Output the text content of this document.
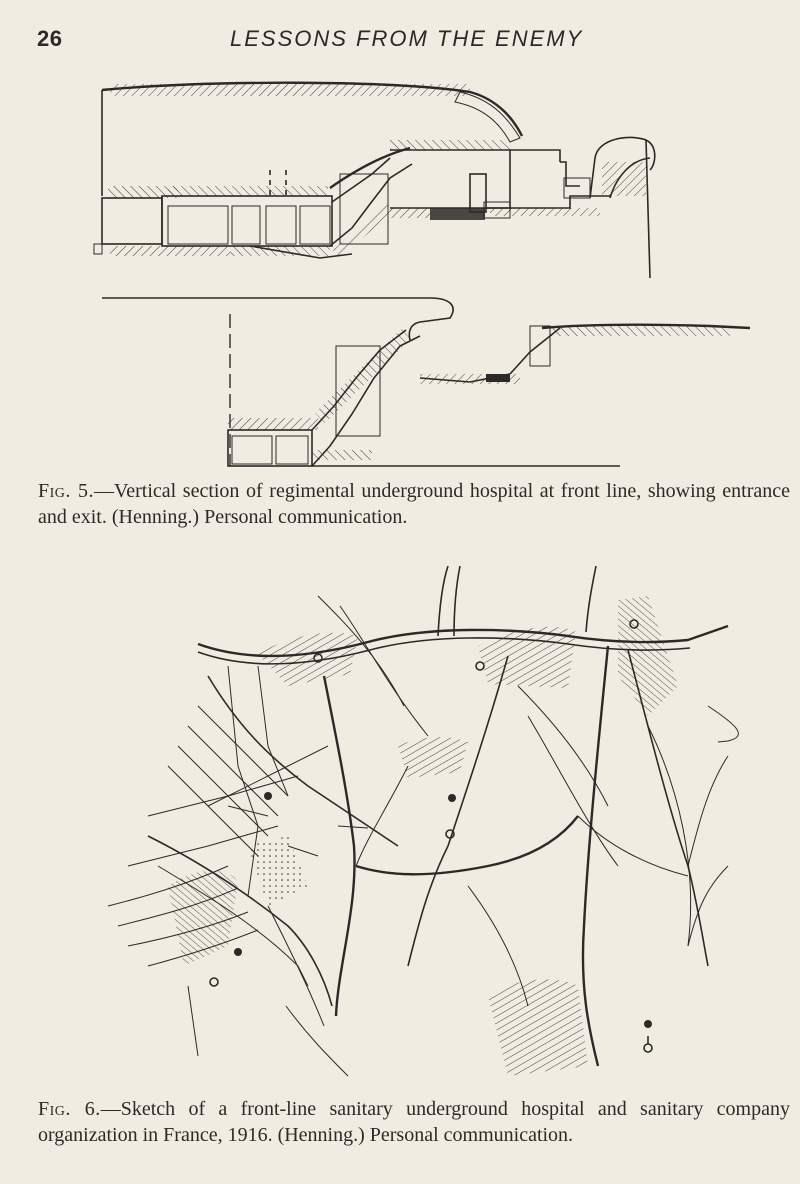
26	LESSONS FROM THE ENEMY
Fig. 5.—Vertical section of regimental underground hospital at front line, showing entrance and exit. (Henning.) Personal communication.
Fig. 6.—Sketch of a front-line sanitary underground hospital and sanitary company organization in France, 1916. (Henning.) Personal communication.
